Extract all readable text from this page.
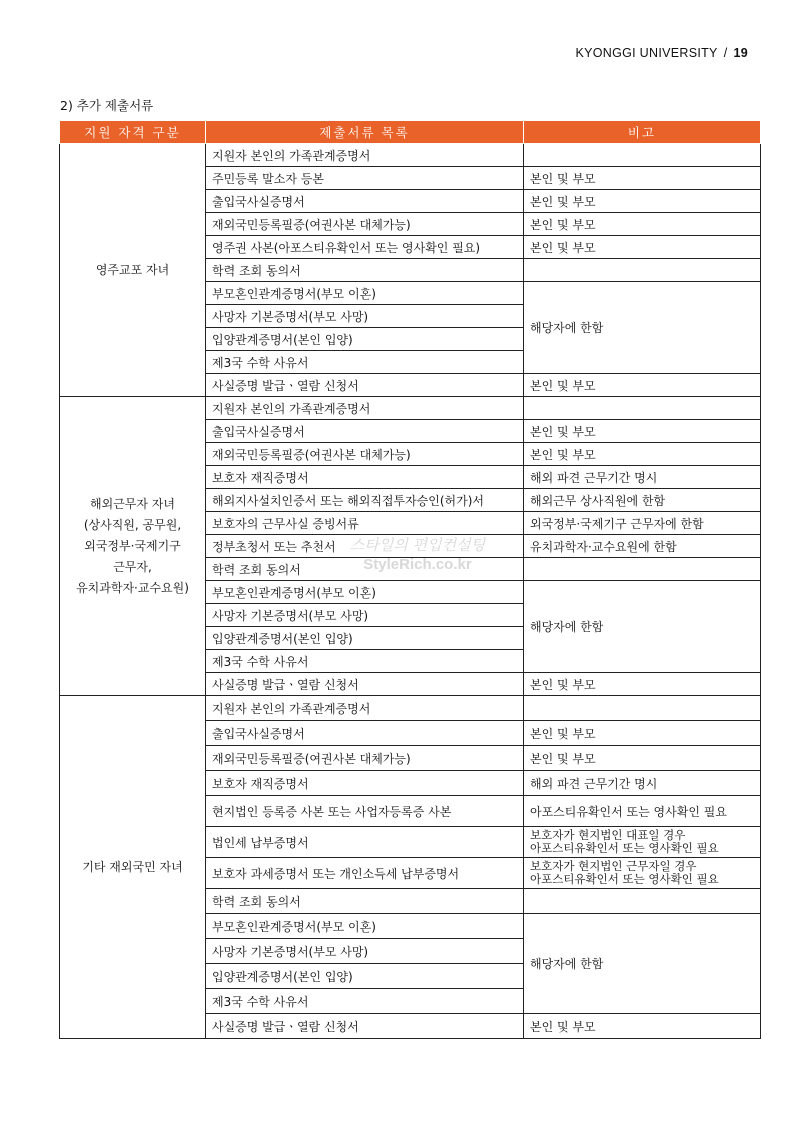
KYONGGI UNIVERSITY / 19
2) 추가 제출서류
지원 자격 구분	제출서류 목록	비고

영주교포 자녀	지원자 본인의 가족관계증명서	
	주민등록 말소자 등본	본인 및 부모
	출입국사실증명서	본인 및 부모
	재외국민등록필증(여권사본 대체가능)	본인 및 부모
	영주권 사본(아포스티유확인서 또는 영사확인 필요)	본인 및 부모
	학력 조회 동의서	
	부모혼인관계증명서(부모 이혼)	해당자에 한함
	사망자 기본증명서(부모 사망)	
	입양관계증명서(본인 입양)	
	제3국 수학 사유서	
	사실증명 발급ㆍ열람 신청서	본인 및 부모

해외근무자 자녀
(상사직원, 공무원,
외국정부·국제기구
근무자,
유치과학자·교수요원)	지원자 본인의 가족관계증명서	
	출입국사실증명서	본인 및 부모
	재외국민등록필증(여권사본 대체가능)	본인 및 부모
	보호자 재직증명서	해외 파견 근무기간 명시
	해외지사설치인증서 또는 해외직접투자승인(허가)서	해외근무 상사직원에 한함
	보호자의 근무사실 증빙서류	외국정부·국제기구 근무자에 한함
	정부초청서 또는 추천서	유치과학자·교수요원에 한함
	학력 조회 동의서	
	부모혼인관계증명서(부모 이혼)	해당자에 한함
	사망자 기본증명서(부모 사망)	
	입양관계증명서(본인 입양)	
	제3국 수학 사유서	
	사실증명 발급ㆍ열람 신청서	본인 및 부모

기타 재외국민 자녀	지원자 본인의 가족관계증명서	
	출입국사실증명서	본인 및 부모
	재외국민등록필증(여권사본 대체가능)	본인 및 부모
	보호자 재직증명서	해외 파견 근무기간 명시
	현지법인 등록증 사본 또는 사업자등록증 사본	아포스티유확인서 또는 영사확인 필요
	법인세 납부증명서	보호자가 현지법인 대표일 경우
아포스티유확인서 또는 영사확인 필요

	보호자 과세증명서 또는 개인소득세 납부증명서	보호자가 현지법인 근무자일 경우
아포스티유확인서 또는 영사확인 필요

	학력 조회 동의서	
	부모혼인관계증명서(부모 이혼)	해당자에 한함
	사망자 기본증명서(부모 사망)	
	입양관계증명서(본인 입양)	
	제3국 수학 사유서	
	사실증명 발급ㆍ열람 신청서	본인 및 부모
스타일의 편입컨설팅
StyleRich.co.kr
